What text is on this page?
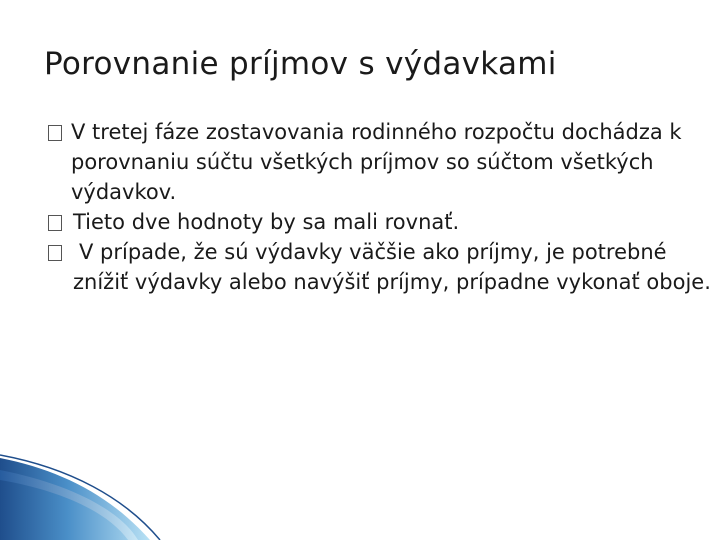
Porovnanie príjmov s výdavkami
V tretej fáze zostavovania rodinného rozpočtu dochádza k porovnaniu súčtu všetkých príjmov so súčtom všetkých výdavkov.
Tieto dve hodnoty by sa mali rovnať.
V prípade, že sú výdavky väčšie ako príjmy, je potrebné znížiť výdavky alebo navýšiť príjmy, prípadne vykonať oboje.
